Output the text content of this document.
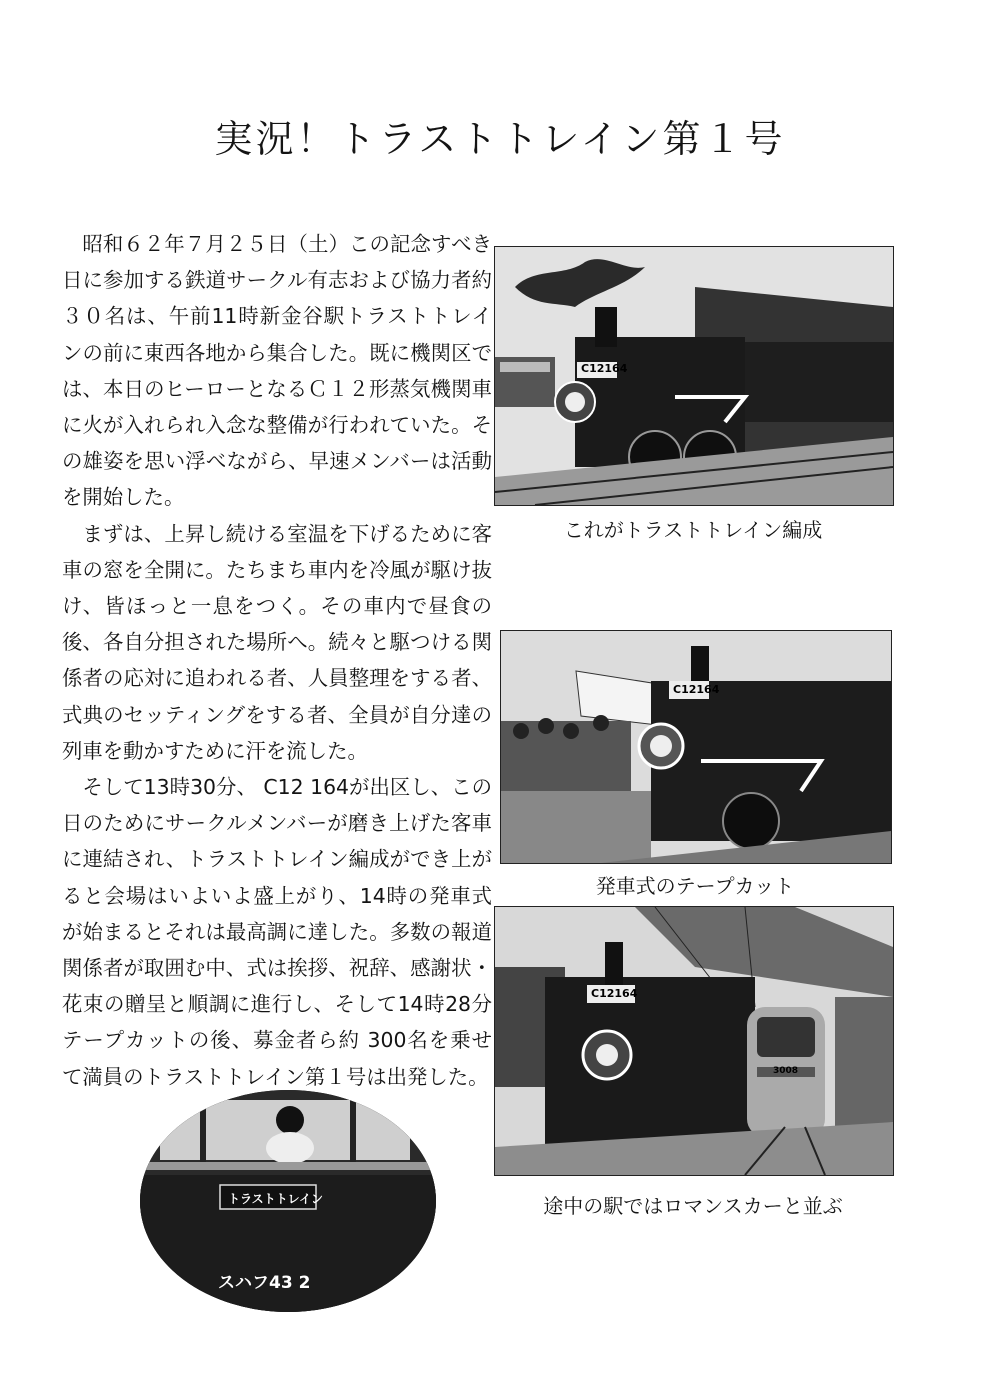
実況！トラストトレイン第１号

昭和６２年７月２５日（土）この記念すべき日に参加する鉄道サークル有志および協力者約３０名は、午前11時新金谷駅トラストトレインの前に東西各地から集合した。既に機関区では、本日のヒーローとなるＣ１２形蒸気機関車に火が入れられ入念な整備が行われていた。その雄姿を思い浮べながら、早速メンバーは活動を開始した。

まずは、上昇し続ける室温を下げるために客車の窓を全開に。たちまち車内を冷風が駆け抜け、皆ほっと一息をつく。その車内で昼食の後、各自分担された場所へ。続々と駆つける関係者の応対に追われる者、人員整理をする者、式典のセッティングをする者、全員が自分達の列車を動かすために汗を流した。

そして13時30分、 C12 164が出区し、この日のためにサークルメンバーが磨き上げた客車に連結され、トラストトレイン編成ができ上がると会場はいよいよ盛上がり、14時の発車式が始まるとそれは最高調に達した。多数の報道関係者が取囲む中、式は挨拶、祝辞、感謝状・花束の贈呈と順調に進行し、そして14時28分テープカットの後、募金者ら約 300名を乗せて満員のトラストトレイン第１号は出発した。

C12164
これがトラストトレイン編成
C12164
発車式のテープカット
C12164
3008
途中の駅ではロマンスカーと並ぶ
トラストトレイン
スハフ43 2
